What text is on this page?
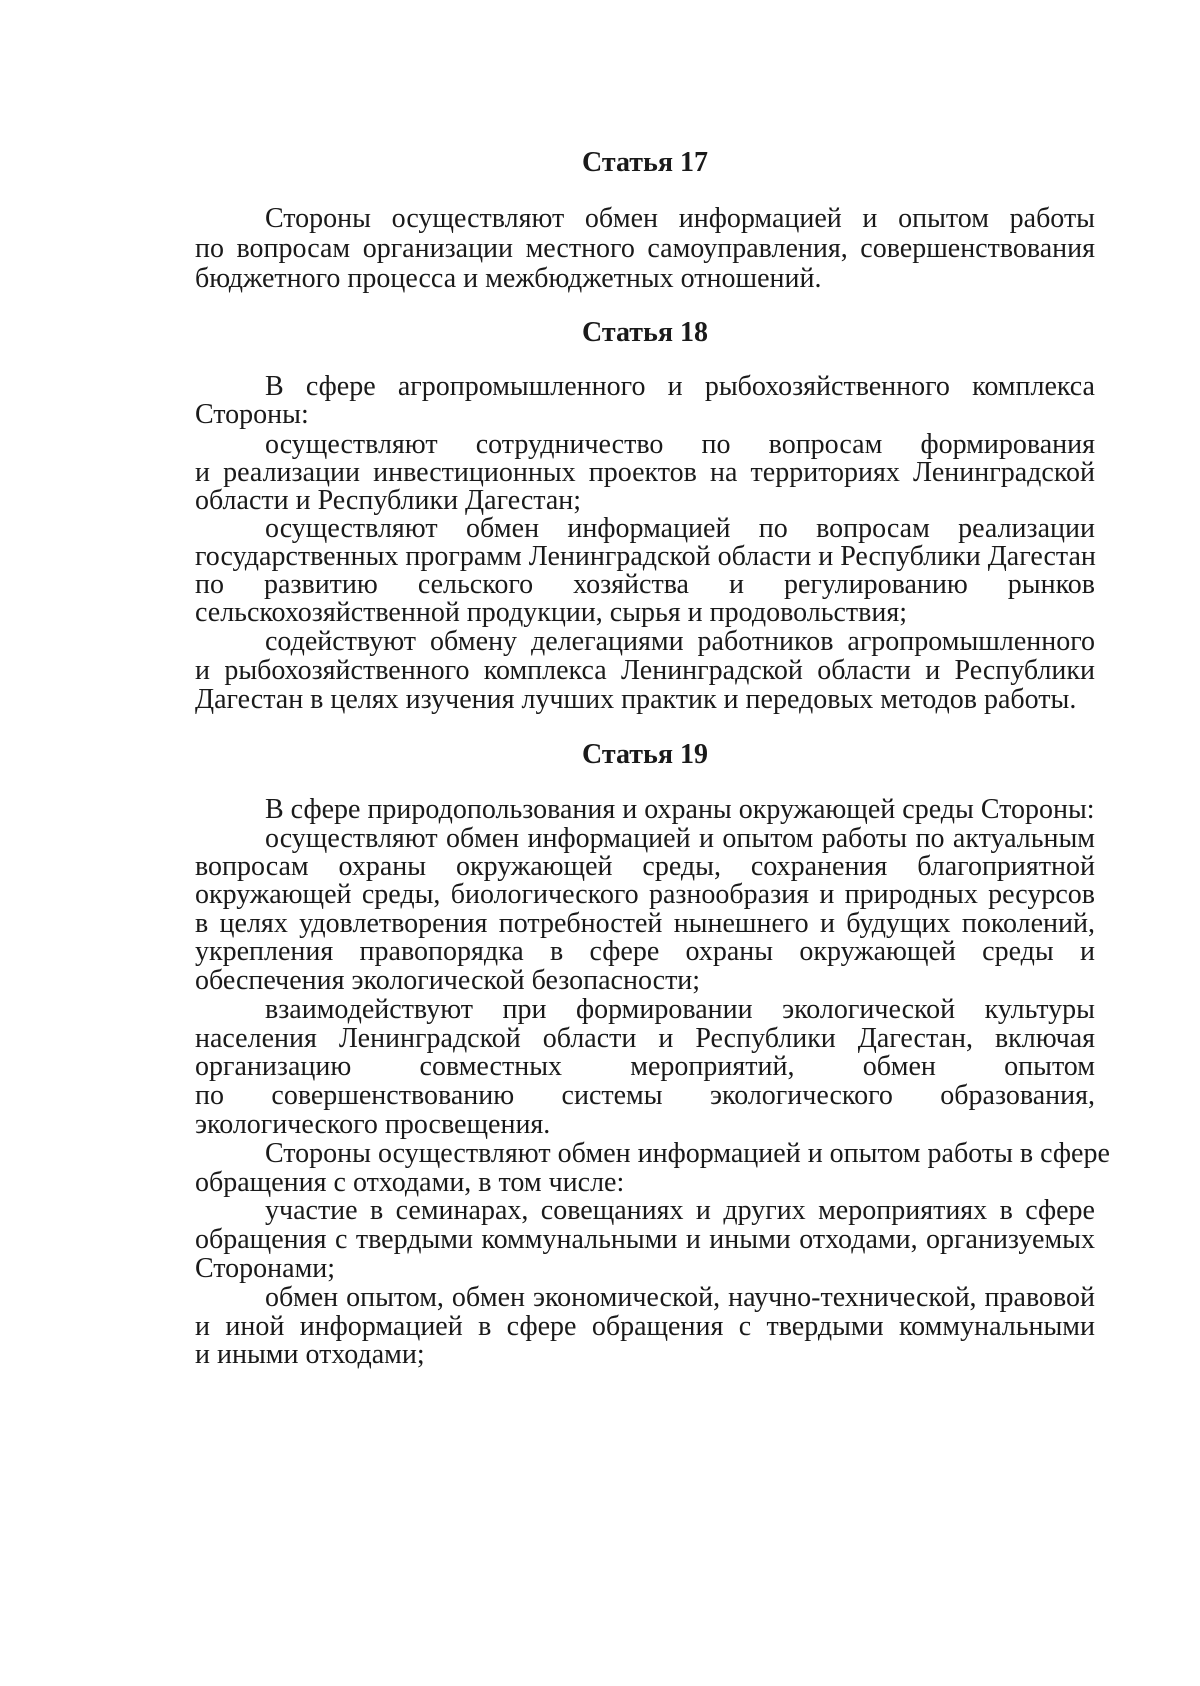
Статья 17

Стороны осуществляют обмен информацией и опытом работы

по вопросам организации местного самоуправления, совершенствования

бюджетного процесса и межбюджетных отношений.

Статья 18

В сфере агропромышленного и рыбохозяйственного комплекса

Стороны:

осуществляют сотрудничество по вопросам формирования

и реализации инвестиционных проектов на территориях Ленинградской

области и Республики Дагестан;

осуществляют обмен информацией по вопросам реализации

государственных программ Ленинградской области и Республики Дагестан

по развитию сельского хозяйства и регулированию рынков

сельскохозяйственной продукции, сырья и продовольствия;

содействуют обмену делегациями работников агропромышленного

и рыбохозяйственного комплекса Ленинградской области и Республики

Дагестан в целях изучения лучших практик и передовых методов работы.

Статья 19

В сфере природопользования и охраны окружающей среды Стороны:

осуществляют обмен информацией и опытом работы по актуальным

вопросам охраны окружающей среды, сохранения благоприятной

окружающей среды, биологического разнообразия и природных ресурсов

в целях удовлетворения потребностей нынешнего и будущих поколений,

укрепления правопорядка в сфере охраны окружающей среды и

обеспечения экологической безопасности;

взаимодействуют при формировании экологической культуры

населения Ленинградской области и Республики Дагестан, включая

организацию совместных мероприятий, обмен опытом

по совершенствованию системы экологического образования,

экологического просвещения.

Стороны осуществляют обмен информацией и опытом работы в сфере

обращения с отходами, в том числе:

участие в семинарах, совещаниях и других мероприятиях в сфере

обращения с твердыми коммунальными и иными отходами, организуемых

Сторонами;

обмен опытом, обмен экономической, научно-технической, правовой

и иной информацией в сфере обращения с твердыми коммунальными

и иными отходами;
